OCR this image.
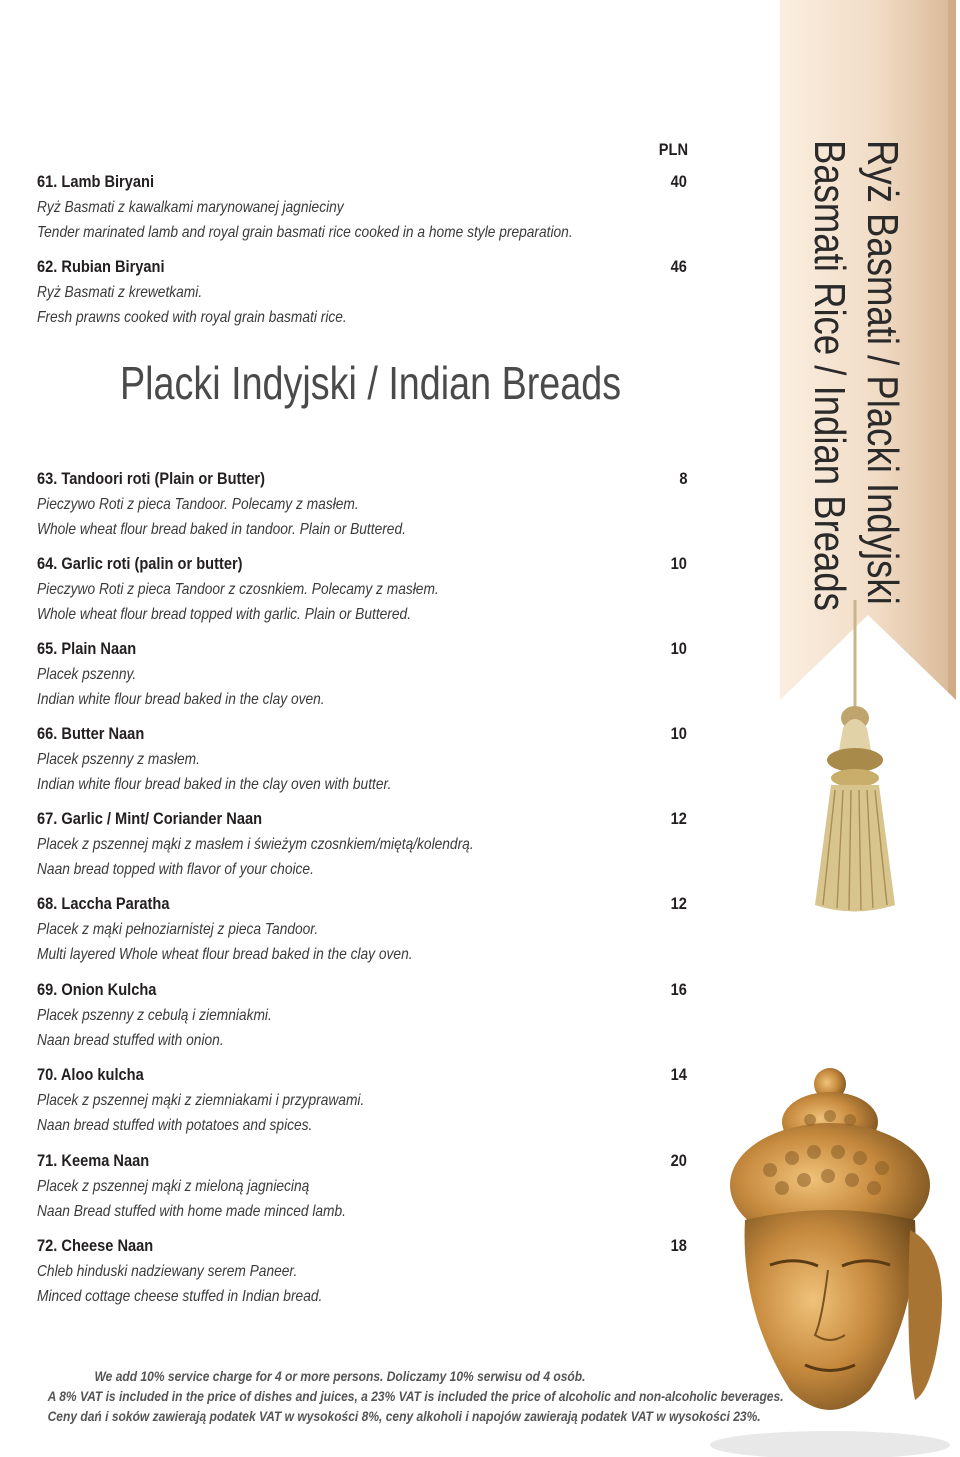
Ryż Basmati / Placki Indyjski
Basmati Rice / Indian Breads
PLN
61. Lamb Biryani	40
Ryż Basmati z kawalkami marynowanej jagnieciny
Tender marinated lamb and royal grain basmati rice cooked in a home style preparation.
62. Rubian Biryani	46
Ryż Basmati z krewetkami.
Fresh prawns cooked with royal grain basmati rice.
Placki Indyjski / Indian Breads
63. Tandoori roti (Plain or Butter)	8
Pieczywo Roti z pieca Tandoor. Polecamy z masłem.
Whole wheat flour bread baked in tandoor. Plain or Buttered.
64. Garlic roti (palin or butter)	10
Pieczywo Roti z pieca Tandoor z czosnkiem. Polecamy z masłem.
Whole wheat flour bread topped with garlic. Plain or Buttered.
65. Plain Naan	10
Placek pszenny.
Indian white flour bread baked in the clay oven.
66. Butter Naan	10
Placek pszenny z masłem.
Indian white flour bread baked in the clay oven with butter.
67. Garlic / Mint/ Coriander Naan	12
Placek z pszennej mąki z masłem i świeżym czosnkiem/miętą/kolendrą.
Naan bread topped with flavor of your choice.
68. Laccha Paratha	12
Placek z mąki pełnoziarnistej z pieca Tandoor.
Multi layered Whole wheat flour bread baked in the clay oven.
69. Onion Kulcha	16
Placek pszenny z cebulą i ziemniakmi.
Naan bread stuffed with onion.
70. Aloo kulcha	14
Placek z pszennej mąki z ziemniakami i przyprawami.
Naan bread stuffed with potatoes and spices.
71. Keema Naan	20
Placek z pszennej mąki z mieloną jagnieciną
Naan Bread stuffed with home made minced lamb.
72. Cheese Naan	18
Chleb hinduski nadziewany serem Paneer.
Minced cottage cheese stuffed in Indian bread.
We add 10% service charge for 4 or more persons. Doliczamy 10% serwisu od 4 osób.
A 8% VAT is included in the price of dishes and juices, a 23% VAT is included the price of alcoholic and non-alcoholic beverages.
Ceny dań i soków zawierają podatek VAT w wysokości 8%, ceny alkoholi i napojów zawierają podatek VAT w wysokości 23%.
